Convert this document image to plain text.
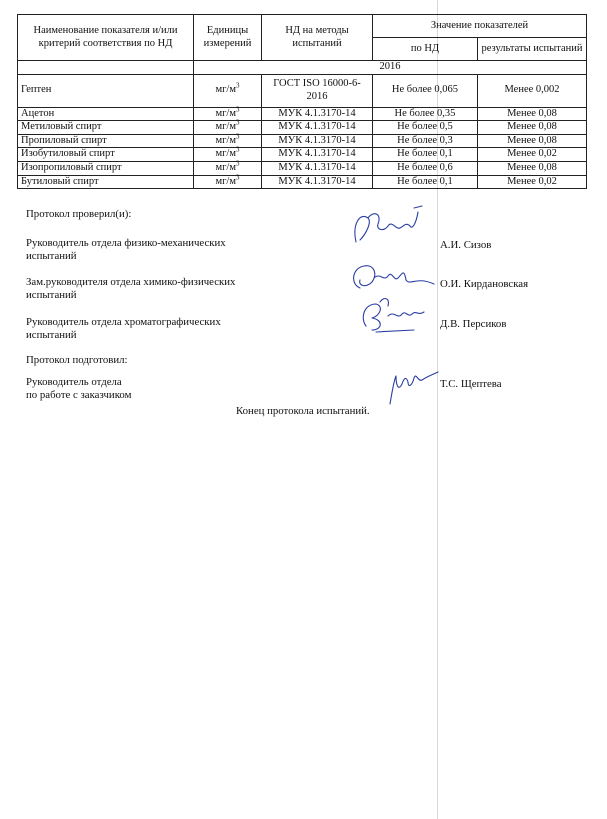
Наименование показателя и/или критерий соответствия по НД	Единицы измерений	НД на методы испытаний	Значение показателей	
			по НД	результаты испытаний
	2016			
Гептен	$мг/м^3$	ГОСТ ISO 16000-6-2016	Не более 0,065	Менее 0,002
Ацетон	$мг/м^3$	МУК 4.1.3170-14	Не более 0,35	Менее 0,08
Метиловый спирт	$мг/м^3$	МУК 4.1.3170-14	Не более 0,5	Менее 0,08
Пропиловый спирт	$мг/м^3$	МУК 4.1.3170-14	Не более 0,3	Менее 0,08
Изобутиловый спирт	$мг/м^3$	МУК 4.1.3170-14	Не более 0,1	Менее 0,02
Изопропиловый спирт	$мг/м^3$	МУК 4.1.3170-14	Не более 0,6	Менее 0,08
Бутиловый спирт	$мг/м^3$	МУК 4.1.3170-14	Не более 0,1	Менее 0,02
Протокол проверил(и):
Руководитель отдела физико-механических испытаний
А.И. Сизов
Зам.руководителя отдела химико-физических испытаний
О.И. Кирдановская
Руководитель отдела хроматографических испытаний
Д.В. Персиков
Протокол подготовил:
Руководитель отдела
по работе с заказчиком
Т.С. Щептева
Конец протокола испытаний.
